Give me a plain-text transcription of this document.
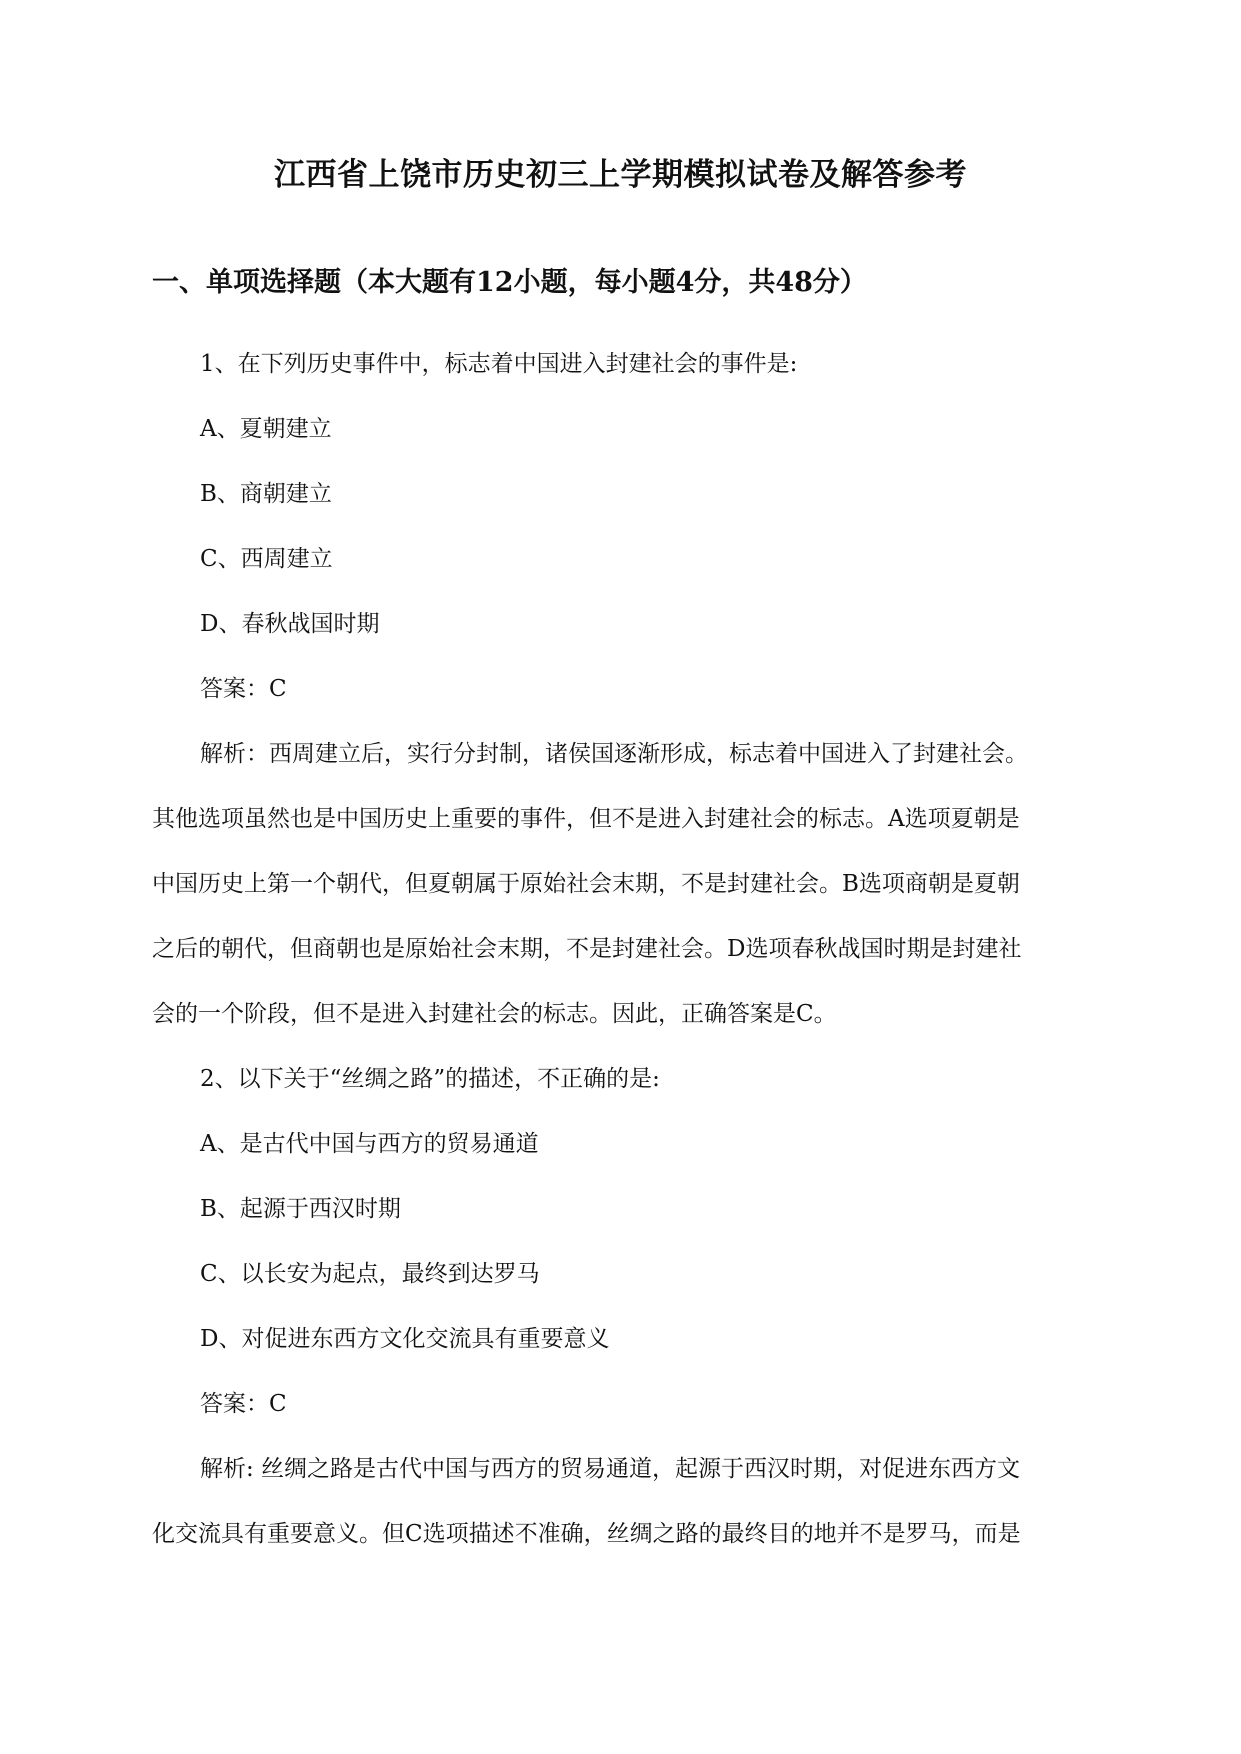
江西省上饶市历史初三上学期模拟试卷及解答参考
一、单项选择题（本大题有12小题，每小题4分，共48分）
1、在下列历史事件中，标志着中国进入封建社会的事件是:
A、夏朝建立
B、商朝建立
C、西周建立
D、春秋战国时期
答案：C
解析：西周建立后，实行分封制，诸侯国逐渐形成，标志着中国进入了封建社会。
其他选项虽然也是中国历史上重要的事件，但不是进入封建社会的标志。A选项夏朝是
中国历史上第一个朝代，但夏朝属于原始社会末期，不是封建社会。B选项商朝是夏朝
之后的朝代，但商朝也是原始社会末期，不是封建社会。D选项春秋战国时期是封建社
会的一个阶段，但不是进入封建社会的标志。因此，正确答案是C。
2、以下关于“丝绸之路”的描述，不正确的是:
A、是古代中国与西方的贸易通道
B、起源于西汉时期
C、以长安为起点，最终到达罗马
D、对促进东西方文化交流具有重要意义
答案：C
解析: 丝绸之路是古代中国与西方的贸易通道，起源于西汉时期，对促进东西方文
化交流具有重要意义。但C选项描述不准确，丝绸之路的最终目的地并不是罗马，而是
